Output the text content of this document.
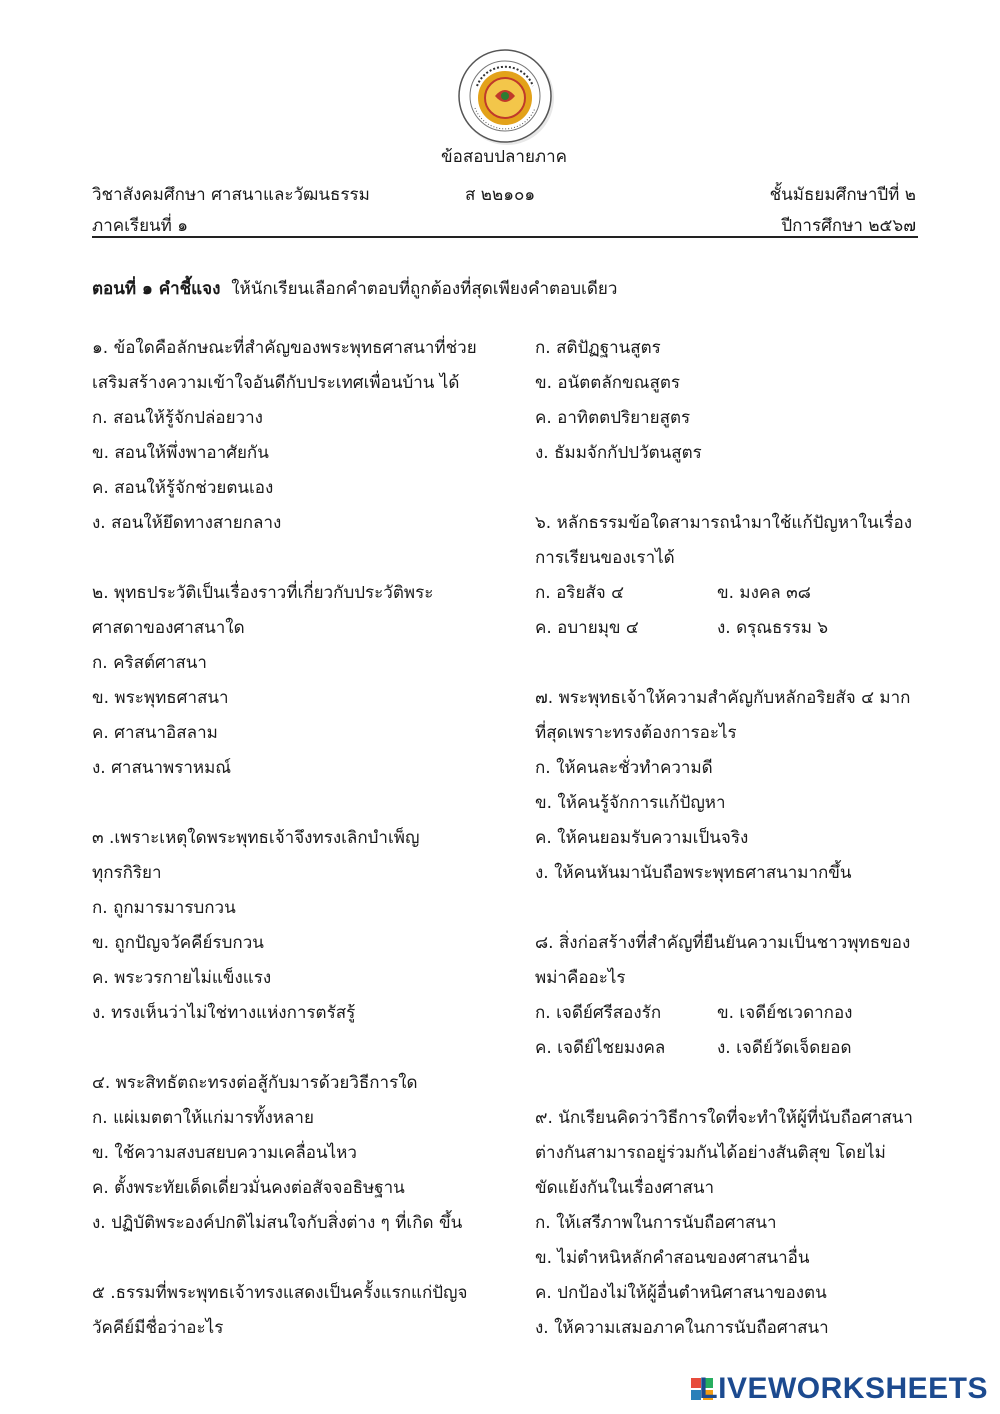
ข้อสอบปลายภาค
วิชาสังคมศึกษา ศาสนาและวัฒนธรรม	ส ๒๒๑๐๑	ชั้นมัธยมศึกษาปีที่ ๒
ภาคเรียนที่ ๑	ปีการศึกษา ๒๕๖๗
ตอนที่ ๑ คำชี้แจง ให้นักเรียนเลือกคำตอบที่ถูกต้องที่สุดเพียงคำตอบเดียว
๑. ข้อใดคือลักษณะที่สำคัญของพระพุทธศาสนาที่ช่วย
เสริมสร้างความเข้าใจอันดีกับประเทศเพื่อนบ้าน ได้
ก. สอนให้รู้จักปล่อยวาง
ข. สอนให้พึ่งพาอาศัยกัน
ค. สอนให้รู้จักช่วยตนเอง
ง. สอนให้ยึดทางสายกลาง
๒. พุทธประวัติเป็นเรื่องราวที่เกี่ยวกับประวัติพระ
ศาสดาของศาสนาใด
ก. คริสต์ศาสนา
ข. พระพุทธศาสนา
ค. ศาสนาอิสลาม
ง. ศาสนาพราหมณ์
๓ .เพราะเหตุใดพระพุทธเจ้าจึงทรงเลิกบำเพ็ญ
ทุกรกิริยา
ก. ถูกมารมารบกวน
ข. ถูกปัญจวัคคีย์รบกวน
ค. พระวรกายไม่แข็งแรง
ง. ทรงเห็นว่าไม่ใช่ทางแห่งการตรัสรู้
๔. พระสิทธัตถะทรงต่อสู้กับมารด้วยวิธีการใด
ก. แผ่เมตตาให้แก่มารทั้งหลาย
ข. ใช้ความสงบสยบความเคลื่อนไหว
ค. ตั้งพระทัยเด็ดเดี่ยวมั่นคงต่อสัจจอธิษฐาน
ง. ปฏิบัติพระองค์ปกติไม่สนใจกับสิ่งต่าง ๆ ที่เกิด ขึ้น
๕ .ธรรมที่พระพุทธเจ้าทรงแสดงเป็นครั้งแรกแก่ปัญจ
วัคคีย์มีชื่อว่าอะไร
ก. สติปัฏฐานสูตร
ข. อนัตตลักขณสูตร
ค. อาทิตตปริยายสูตร
ง. ธัมมจักกัปปวัตนสูตร
๖. หลักธรรมข้อใดสามารถนำมาใช้แก้ปัญหาในเรื่อง
การเรียนของเราได้
ก. อริยสัจ ๔	ข. มงคล ๓๘
ค. อบายมุข ๔	ง. ดรุณธรรม ๖
๗. พระพุทธเจ้าให้ความสำคัญกับหลักอริยสัจ ๔ มาก
ที่สุดเพราะทรงต้องการอะไร
ก. ให้คนละชั่วทำความดี
ข. ให้คนรู้จักการแก้ปัญหา
ค. ให้คนยอมรับความเป็นจริง
ง. ให้คนหันมานับถือพระพุทธศาสนามากขึ้น
๘. สิ่งก่อสร้างที่สำคัญที่ยืนยันความเป็นชาวพุทธของ
พม่าคืออะไร
ก. เจดีย์ศรีสองรัก	ข. เจดีย์ชเวดากอง
ค. เจดีย์ไชยมงคล	ง. เจดีย์วัดเจ็ดยอด
๙. นักเรียนคิดว่าวิธีการใดที่จะทำให้ผู้ที่นับถือศาสนา
ต่างกันสามารถอยู่ร่วมกันได้อย่างสันติสุข โดยไม่
ขัดแย้งกันในเรื่องศาสนา
ก. ให้เสรีภาพในการนับถือศาสนา
ข. ไม่ตำหนิหลักคำสอนของศาสนาอื่น
ค. ปกป้องไม่ให้ผู้อื่นตำหนิศาสนาของตน
ง. ให้ความเสมอภาคในการนับถือศาสนา
LIVEWORKSHEETS
